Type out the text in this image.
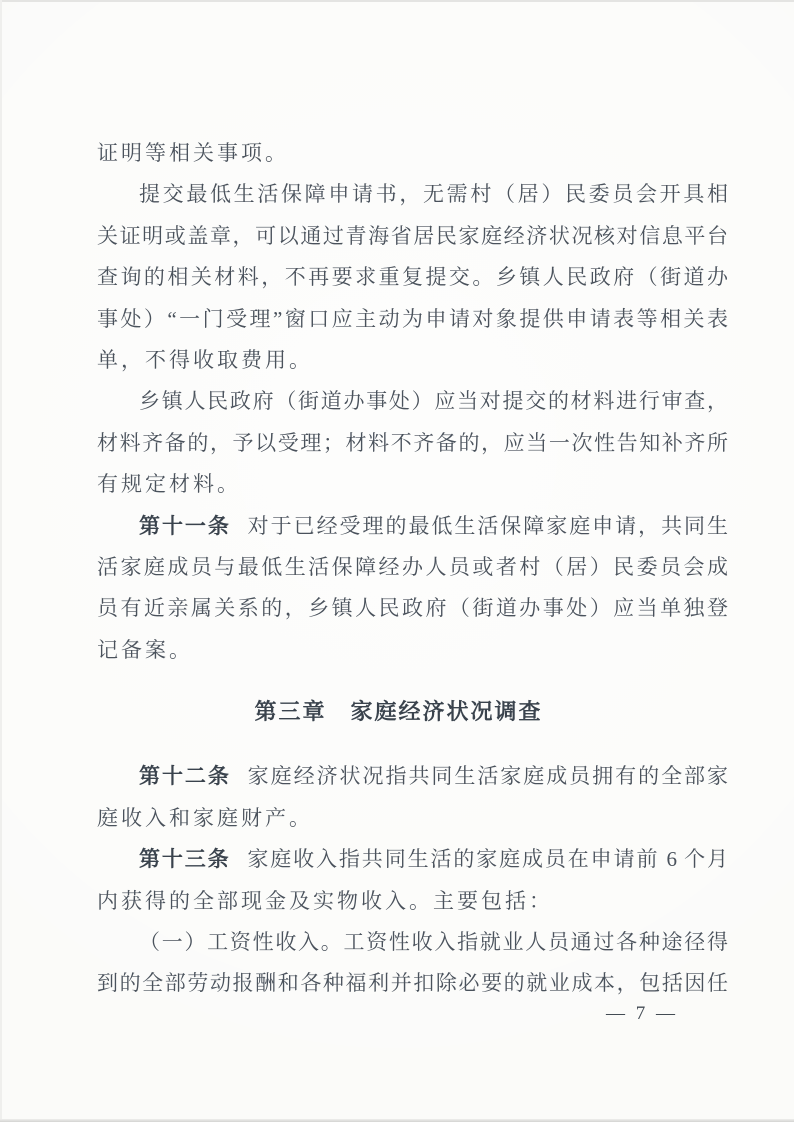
证明等相关事项。
提交最低生活保障申请书，无需村（居）民委员会开具相
关证明或盖章，可以通过青海省居民家庭经济状况核对信息平台
查询的相关材料，不再要求重复提交。乡镇人民政府（街道办
事处）“一门受理”窗口应主动为申请对象提供申请表等相关表
单，不得收取费用。
乡镇人民政府（街道办事处）应当对提交的材料进行审查，
材料齐备的，予以受理；材料不齐备的，应当一次性告知补齐所
有规定材料。
第十一条 对于已经受理的最低生活保障家庭申请，共同生
活家庭成员与最低生活保障经办人员或者村（居）民委员会成
员有近亲属关系的，乡镇人民政府（街道办事处）应当单独登
记备案。
第三章　家庭经济状况调查
第十二条 家庭经济状况指共同生活家庭成员拥有的全部家
庭收入和家庭财产。
第十三条 家庭收入指共同生活的家庭成员在申请前 6 个月
内获得的全部现金及实物收入。主要包括：
（一）工资性收入。工资性收入指就业人员通过各种途径得
到的全部劳动报酬和各种福利并扣除必要的就业成本，包括因任
— 7 —
